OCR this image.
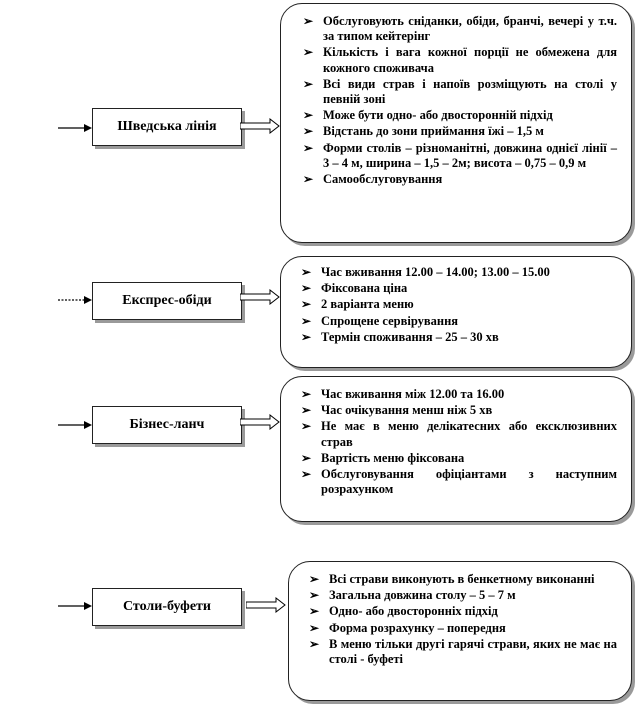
Шведська лінія
➢ Обслуговують сніданки, обіди, бранчі, вечері у т.ч. за типом кейтерінг
➢ Кількість і вага кожної порції не обмежена для кожного споживача
➢ Всі види страв і напоїв розміщують на столі у певній зоні
➢ Може бути одно- або двосторонній підхід
➢ Відстань до зони приймання їжі – 1,5 м
➢ Форми столів – різноманітні, довжина однієї лінії – 3 – 4 м, ширина – 1,5 – 2м; висота – 0,75 – 0,9 м
➢ Самообслуговування
Експрес-обіди
➢ Час вживання 12.00 – 14.00; 13.00 – 15.00
➢ Фіксована ціна
➢ 2 варіанта меню
➢ Спрощене сервірування
➢ Термін споживання – 25 – 30 хв
Бізнес-ланч
➢ Час вживання між 12.00 та 16.00
➢ Час очікування менш ніж 5 хв
➢ Не має в меню делікатесних або ексклюзивних страв
➢ Вартість меню фіксована
➢ Обслуговування офіціантами з наступним розрахунком
Столи-буфети
➢ Всі страви виконують в бенкетному виконанні
➢ Загальна довжина столу – 5 – 7 м
➢ Одно- або двосторонніх підхід
➢ Форма розрахунку – попередня
➢ В меню тільки другі гарячі страви, яких не має на столі - буфеті
